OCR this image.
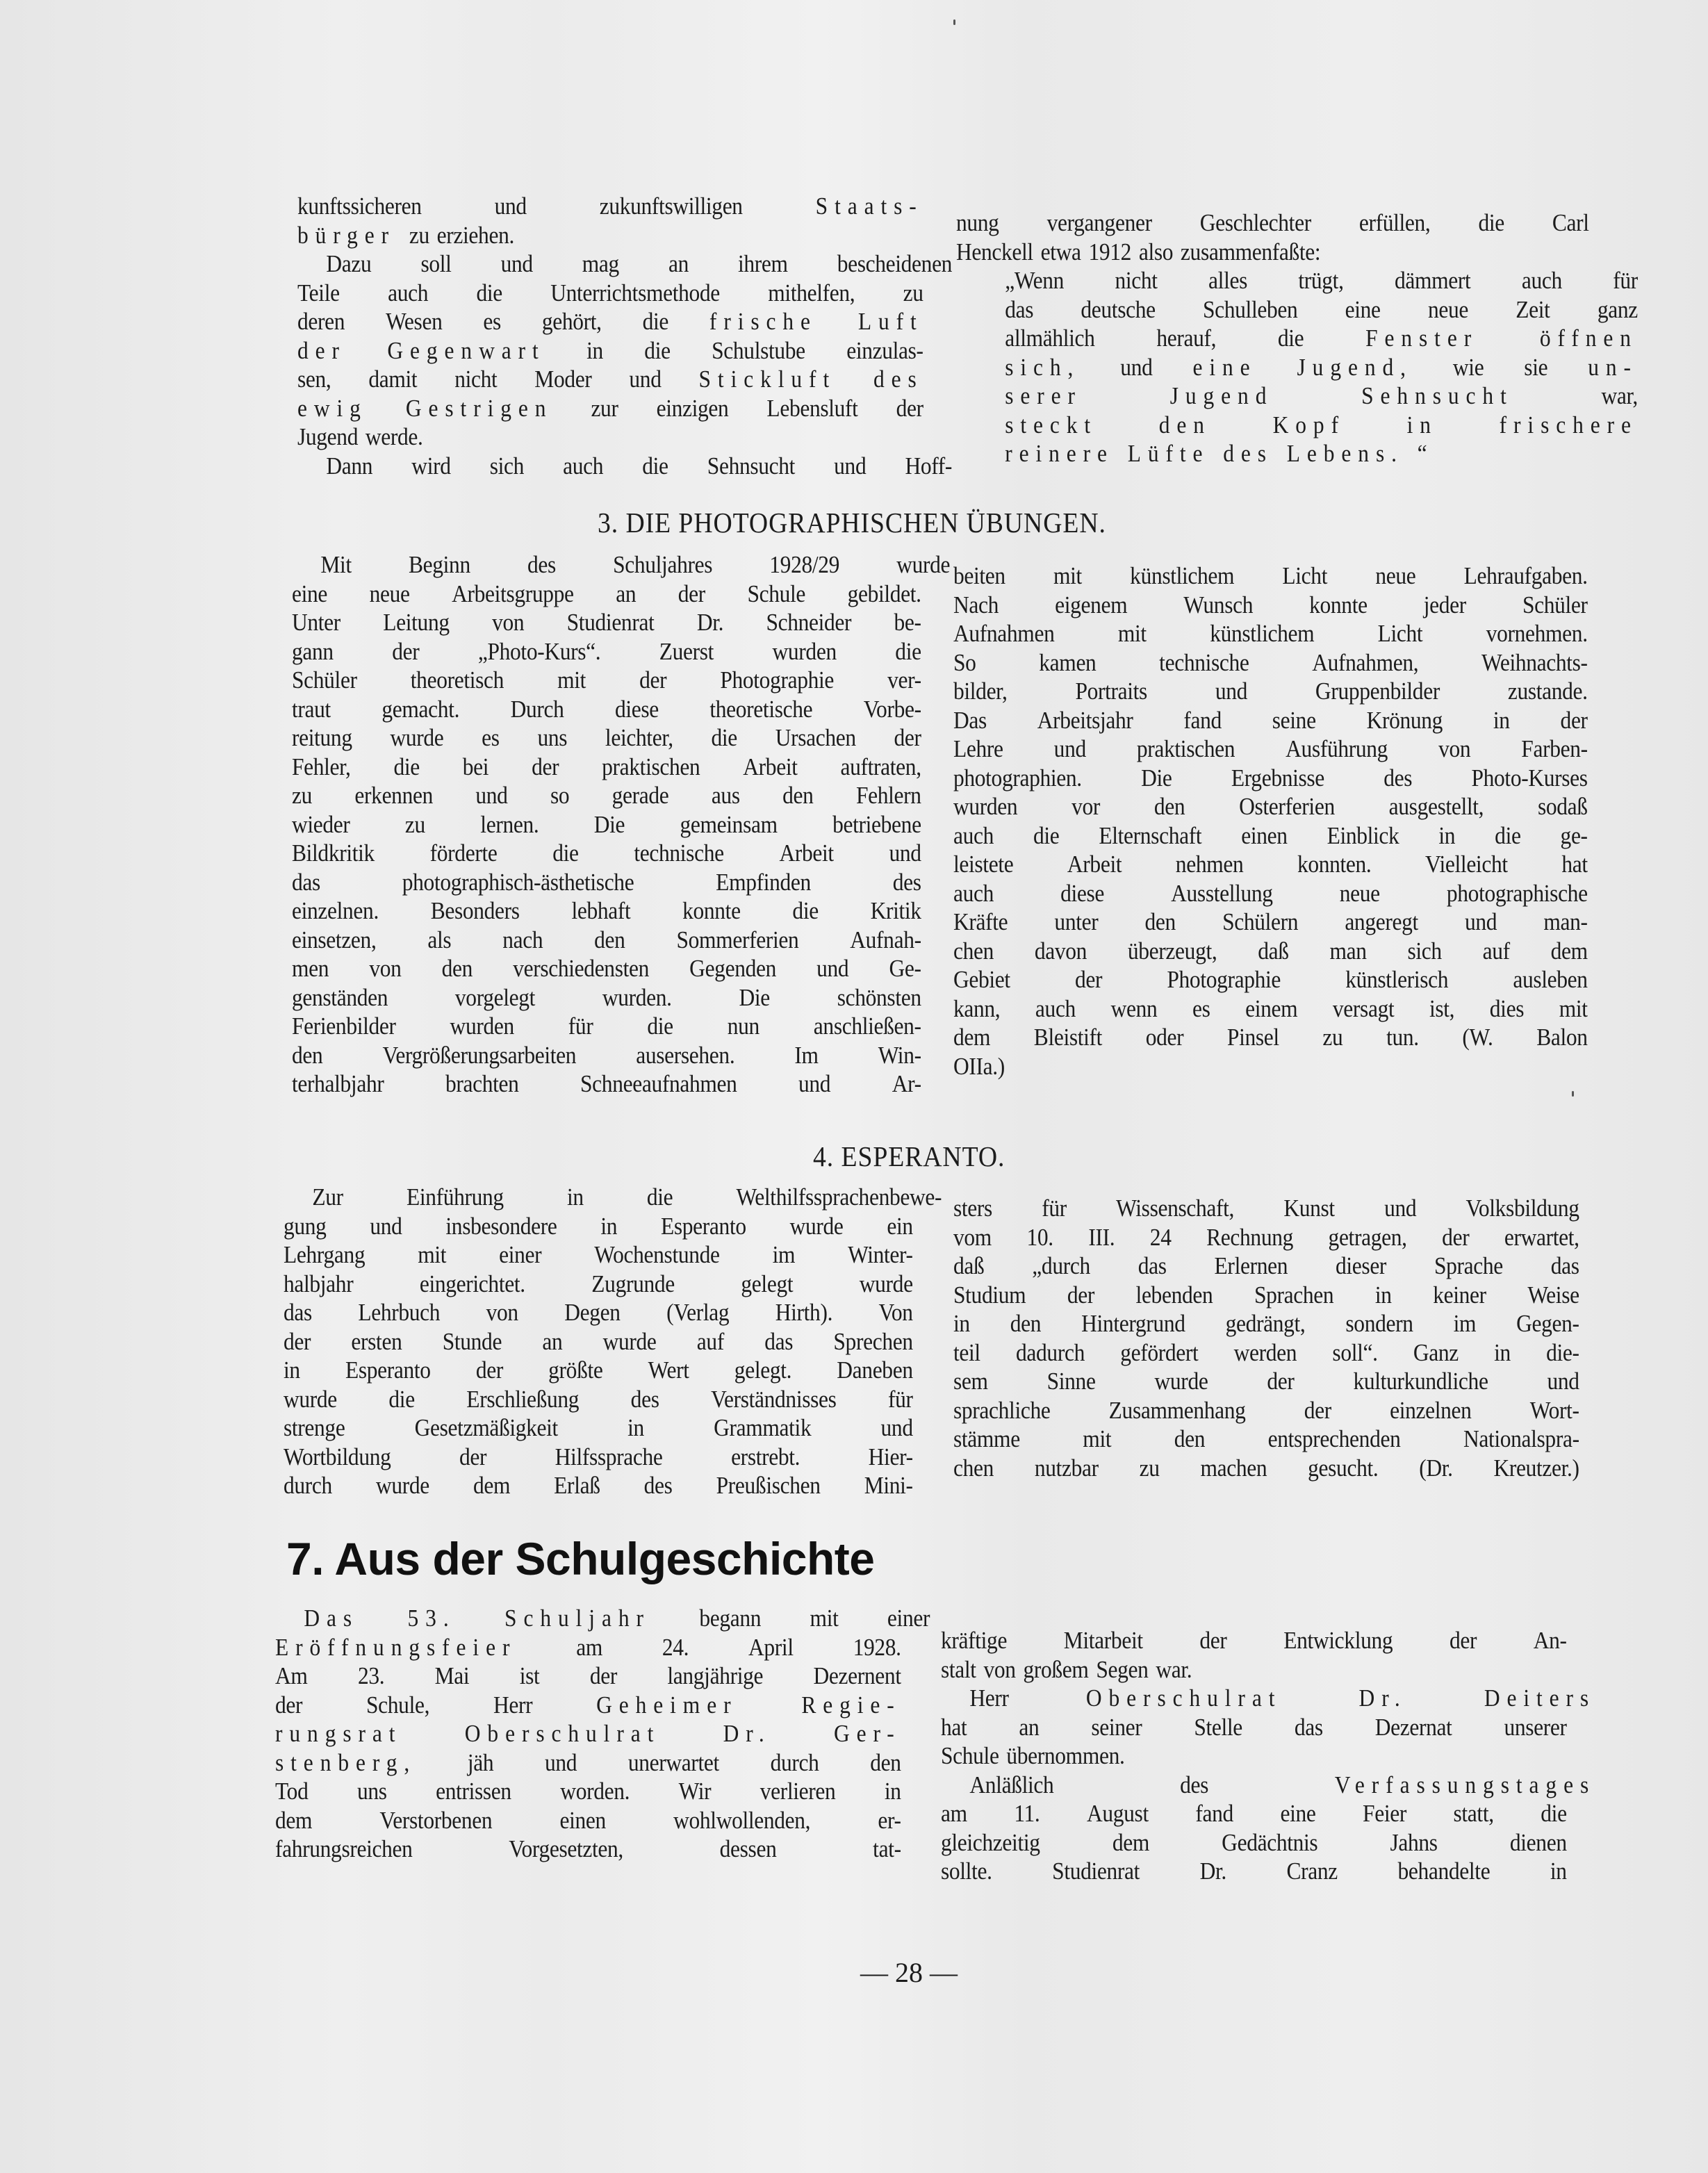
kunftssicheren	und	zukunftswilligen	Staats-
bürger zu erziehen.
Dazu soll und mag an ihrem bescheidenen
Teile auch die Unterrichtsmethode mithelfen, zu
deren Wesen es gehört, die frische Luft
der Gegenwart in die Schulstube einzulas-
sen, damit nicht Moder und Stickluft des
ewig Gestrigen zur einzigen Lebensluft der
Jugend werde.
Dann wird sich auch die Sehnsucht und Hoff-
nung vergangener Geschlechter erfüllen, die Carl
Henckell etwa 1912 also zusammenfaßte:
„Wenn nicht alles trügt, dämmert auch für
das deutsche Schulleben eine neue Zeit ganz
allmählich	herauf,	die	Fenster	öffnen
sich, und eine Jugend, wie sie un-
serer	Jugend	Sehnsucht	war,
steckt	den	Kopf	in	frischere
reinere Lüfte des Lebens. “
3. DIE PHOTOGRAPHISCHEN ÜBUNGEN.
Mit Beginn des Schuljahres 1928/29 wurde
eine neue Arbeitsgruppe an der Schule gebildet.
Unter Leitung von Studienrat Dr. Schneider be-
gann der „Photo-Kurs“. Zuerst wurden die
Schüler theoretisch mit der Photographie ver-
traut gemacht. Durch diese theoretische Vorbe-
reitung wurde es uns leichter, die Ursachen der
Fehler, die bei der praktischen Arbeit auftraten,
zu erkennen und so gerade aus den Fehlern
wieder zu lernen. Die gemeinsam betriebene
Bildkritik förderte die technische Arbeit und
das	photographisch-ästhetische	Empfinden	des
einzelnen. Besonders lebhaft konnte die Kritik
einsetzen, als nach den Sommerferien Aufnah-
men von den verschiedensten Gegenden und Ge-
genständen	vorgelegt	wurden.	Die	schönsten
Ferienbilder wurden für die nun anschließen-
den Vergrößerungsarbeiten ausersehen. Im Win-
terhalbjahr	brachten	Schneeaufnahmen	und	Ar-
beiten mit künstlichem Licht neue Lehraufgaben.
Nach eigenem Wunsch konnte jeder Schüler
Aufnahmen	mit	künstlichem	Licht	vornehmen.
So	kamen	technische	Aufnahmen,	Weihnachts-
bilder,	Portraits	und	Gruppenbilder	zustande.
Das Arbeitsjahr fand seine Krönung in der
Lehre und praktischen Ausführung von Farben-
photographien. Die Ergebnisse des Photo-Kurses
wurden vor den Osterferien ausgestellt, sodaß
auch die Elternschaft einen Einblick in die ge-
leistete Arbeit nehmen konnten. Vielleicht hat
auch	diese	Ausstellung	neue	photographische
Kräfte unter den Schülern angeregt und man-
chen davon überzeugt, daß man sich auf dem
Gebiet	der	Photographie	künstlerisch	ausleben
kann, auch wenn es einem versagt ist, dies mit
dem Bleistift oder Pinsel zu tun. (W. Balon
OIIa.)
4. ESPERANTO.
Zur	Einführung	in	die	Welthilfssprachenbewe-
gung und insbesondere in Esperanto wurde ein
Lehrgang mit einer Wochenstunde im Winter-
halbjahr	eingerichtet.	Zugrunde	gelegt	wurde
das Lehrbuch von Degen (Verlag Hirth). Von
der ersten Stunde an wurde auf das Sprechen
in Esperanto der größte Wert gelegt. Daneben
wurde die Erschließung des Verständnisses für
strenge	Gesetzmäßigkeit	in	Grammatik	und
Wortbildung	der	Hilfssprache	erstrebt.	Hier-
durch wurde dem Erlaß des Preußischen Mini-
sters für Wissenschaft, Kunst und Volksbildung
vom 10. III. 24 Rechnung getragen, der erwartet,
daß „durch das Erlernen dieser Sprache das
Studium der lebenden Sprachen in keiner Weise
in den Hintergrund gedrängt, sondern im Gegen-
teil dadurch gefördert werden soll“. Ganz in die-
sem Sinne wurde der kulturkundliche und
sprachliche Zusammenhang der einzelnen Wort-
stämme	mit	den	entsprechenden	Nationalspra-
chen nutzbar zu machen gesucht. (Dr. Kreutzer.)
7. Aus der Schulgeschichte
Das 53. Schuljahr begann mit einer
Eröffnungsfeier am 24. April 1928.
Am 23. Mai ist der langjährige Dezernent
der	Schule,	Herr	Geheimer	Regie-
rungsrat	Oberschulrat	Dr.	Ger-
stenberg, jäh und unerwartet durch den
Tod uns entrissen worden. Wir verlieren in
dem	Verstorbenen	einen	wohlwollenden,	er-
fahrungsreichen	Vorgesetzten,	dessen	tat-
kräftige Mitarbeit der Entwicklung der An-
stalt von großem Segen war.
Herr	Oberschulrat	Dr.	Deiters
hat an seiner Stelle das Dezernat unserer
Schule übernommen.
Anläßlich	des	Verfassungstages
am 11. August fand eine Feier statt, die
gleichzeitig	dem	Gedächtnis	Jahns	dienen
sollte. Studienrat Dr. Cranz behandelte in
— 28 —
